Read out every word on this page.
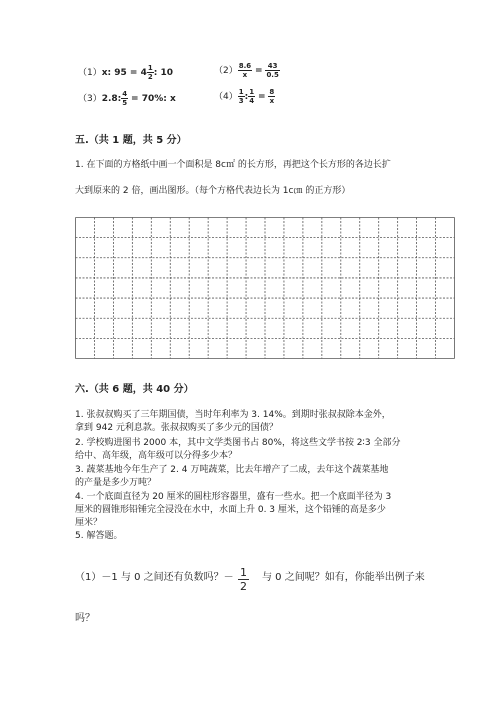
（1）x: $95 = 4 \frac{1}{2}$ : 10	$(2) \frac{8.6}{x} = \frac{43}{0.5}$
（3）2.8: $\frac{4}{5} = 70\%$: x	$(4) \frac{1}{3}$ : $\frac{1}{4} = \frac{8}{x}$
五.（共 1 题，共 5 分）
1. 在下面的方格纸中画一个面积是 8c㎡ 的长方形，再把这个长方形的各边长扩
大到原来的 2 倍，画出图形。（每个方格代表边长为 1c㎝ 的正方形）
六.（共 6 题，共 40 分）
1. 张叔叔购买了三年期国债，当时年利率为 3. 14%。到期时张叔叔除本金外，
拿到 942 元利息款。张叔叔购买了多少元的国债？
2. 学校购进图书 2000 本，其中文学类图书占 80%，将这些文学书按 2∶3 全部分
给中、高年级，高年级可以分得多少本？
3. 蔬菜基地今年生产了 2. 4 万吨蔬菜，比去年增产了二成，去年这个蔬菜基地
的产量是多少万吨？
4. 一个底面直径为 20 厘米的圆柱形容器里，盛有一些水。把一个底面半径为 3
厘米的圆锥形铅锤完全浸没在水中，水面上升 0. 3 厘米，这个铅锤的高是多少
厘米？
5. 解答题。
（1）－1 与 0 之间还有负数吗？－ $\frac{1}{2}$ 与 0 之间呢？如有，你能举出例子来
吗？
